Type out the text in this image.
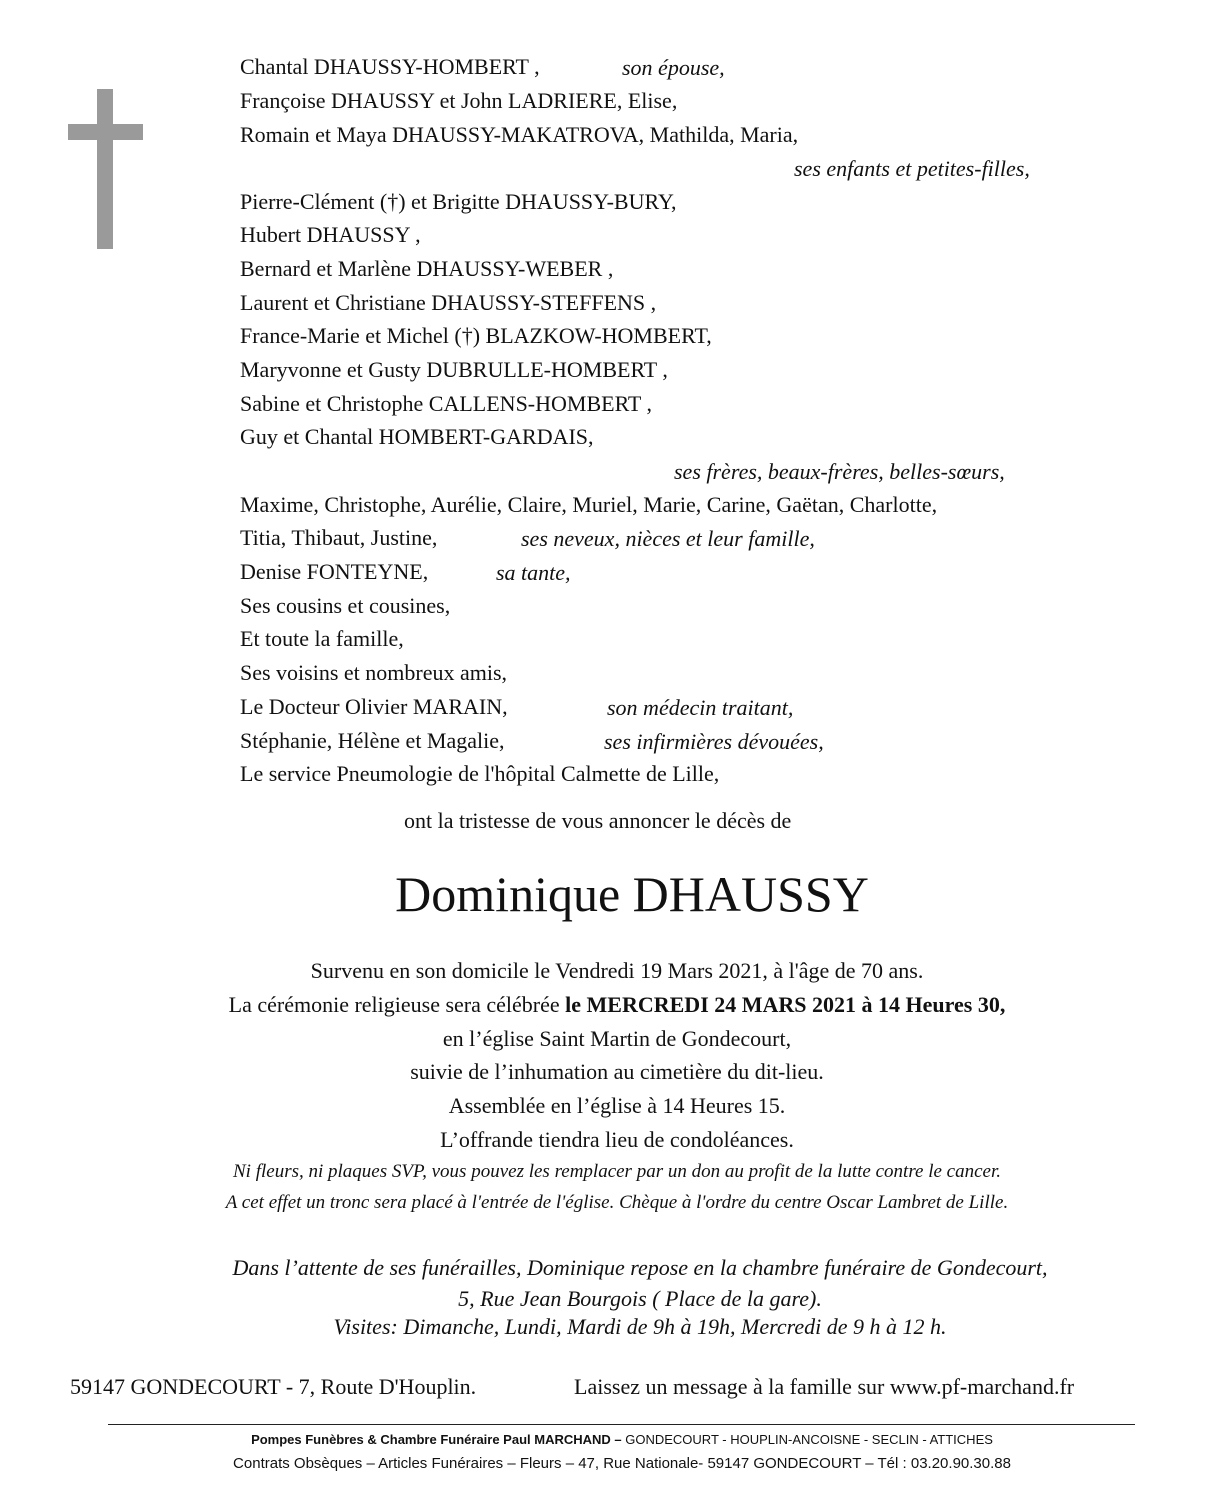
Chantal DHAUSSY-HOMBERT ,	son épouse,
Françoise DHAUSSY et John LADRIERE, Elise,
Romain et Maya DHAUSSY-MAKATROVA, Mathilda, Maria,
ses enfants et petites-filles,
Pierre-Clément (†) et Brigitte DHAUSSY-BURY,
Hubert DHAUSSY ,
Bernard et Marlène DHAUSSY-WEBER ,
Laurent et Christiane DHAUSSY-STEFFENS ,
France-Marie et Michel (†) BLAZKOW-HOMBERT,
Maryvonne et Gusty DUBRULLE-HOMBERT ,
Sabine et Christophe CALLENS-HOMBERT ,
Guy et Chantal HOMBERT-GARDAIS,
ses frères, beaux-frères, belles-sœurs,
Maxime, Christophe, Aurélie, Claire, Muriel, Marie, Carine, Gaëtan, Charlotte,
Titia, Thibaut, Justine,	ses neveux, nièces et leur famille,
Denise FONTEYNE,	sa tante,
Ses cousins et cousines,
Et toute la famille,
Ses voisins et nombreux amis,
Le Docteur Olivier MARAIN,	son médecin traitant,
Stéphanie, Hélène et Magalie,	ses infirmières dévouées,
Le service Pneumologie de l'hôpital Calmette de Lille,
ont la tristesse de vous annoncer le décès de
Dominique DHAUSSY
Survenu en son domicile le Vendredi 19 Mars 2021, à l'âge de 70 ans.
La cérémonie religieuse sera célébrée le MERCREDI 24 MARS 2021 à 14 Heures 30,
en l’église Saint Martin de Gondecourt,
suivie de l’inhumation au cimetière du dit-lieu.
Assemblée en l’église à 14 Heures 15.
L’offrande tiendra lieu de condoléances.
Ni fleurs, ni plaques SVP, vous pouvez les remplacer par un don au profit de la lutte contre le cancer.
A cet effet un tronc sera placé à l'entrée de l'église. Chèque à l'ordre du centre Oscar Lambret de Lille.
Dans l’attente de ses funérailles, Dominique repose en la chambre funéraire de Gondecourt,
5, Rue Jean Bourgois ( Place de la gare).
Visites: Dimanche, Lundi, Mardi de 9h à 19h, Mercredi de 9 h à 12 h.
59147 GONDECOURT - 7, Route D'Houplin.	Laissez un message à la famille sur www.pf-marchand.fr
Pompes Funèbres & Chambre Funéraire Paul MARCHAND – GONDECOURT - HOUPLIN-ANCOISNE - SECLIN - ATTICHES
Contrats Obsèques – Articles Funéraires – Fleurs – 47, Rue Nationale- 59147 GONDECOURT – Tél : 03.20.90.30.88
